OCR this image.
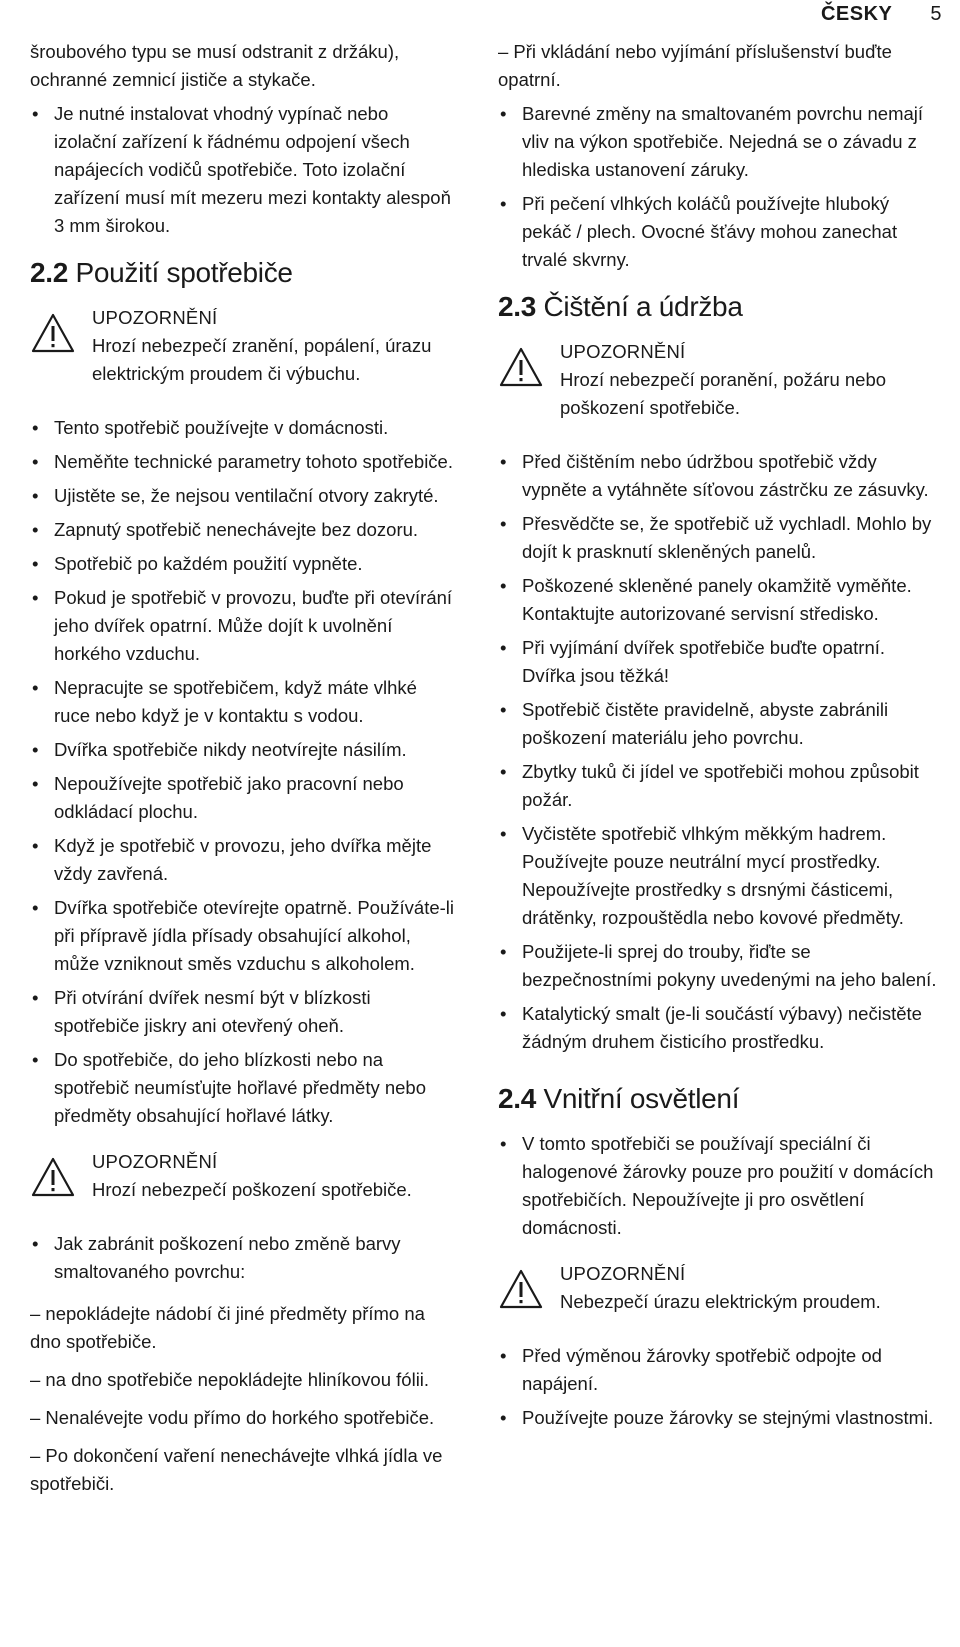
ČESKY 5

šroubového typu se musí odstranit z držáku), ochranné zemnicí jističe a stykače.

• Je nutné instalovat vhodný vypínač nebo izolační zařízení k řádnému odpojení všech napájecích vodičů spotřebiče. Toto izolační zařízení musí mít mezeru mezi kontakty alespoň 3 mm širokou.
2.2 Použití spotřebiče
UPOZORNĚNÍ
Hrozí nebezpečí zranění, popálení, úrazu elektrickým proudem či výbuchu.
• Tento spotřebič používejte v domácnosti.
• Neměňte technické parametry tohoto spotřebiče.
• Ujistěte se, že nejsou ventilační otvory zakryté.
• Zapnutý spotřebič nenechávejte bez dozoru.
• Spotřebič po každém použití vypněte.
• Pokud je spotřebič v provozu, buďte při otevírání jeho dvířek opatrní. Může dojít k uvolnění horkého vzduchu.
• Nepracujte se spotřebičem, když máte vlhké ruce nebo když je v kontaktu s vodou.
• Dvířka spotřebiče nikdy neotvírejte násilím.
• Nepoužívejte spotřebič jako pracovní nebo odkládací plochu.
• Když je spotřebič v provozu, jeho dvířka mějte vždy zavřená.
• Dvířka spotřebiče otevírejte opatrně. Používáte-li při přípravě jídla přísady obsahující alkohol, může vzniknout směs vzduchu s alkoholem.
• Při otvírání dvířek nesmí být v blízkosti spotřebiče jiskry ani otevřený oheň.
• Do spotřebiče, do jeho blízkosti nebo na spotřebič neumísťujte hořlavé předměty nebo předměty obsahující hořlavé látky.
UPOZORNĚNÍ
Hrozí nebezpečí poškození spotřebiče.
• Jak zabránit poškození nebo změně barvy smaltovaného povrchu:

– nepokládejte nádobí či jiné předměty přímo na dno spotřebiče.

– na dno spotřebiče nepokládejte hliníkovou fólii.

– Nenalévejte vodu přímo do horkého spotřebiče.

– Po dokončení vaření nenechávejte vlhká jídla ve spotřebiči.

– Při vkládání nebo vyjímání příslušenství buďte opatrní.

• Barevné změny na smaltovaném povrchu nemají vliv na výkon spotřebiče. Nejedná se o závadu z hlediska ustanovení záruky.
• Při pečení vlhkých koláčů používejte hluboký pekáč / plech. Ovocné šťávy mohou zanechat trvalé skvrny.
2.3 Čištění a údržba
UPOZORNĚNÍ
Hrozí nebezpečí poranění, požáru nebo poškození spotřebiče.
• Před čištěním nebo údržbou spotřebič vždy vypněte a vytáhněte síťovou zástrčku ze zásuvky.
• Přesvědčte se, že spotřebič už vychladl. Mohlo by dojít k prasknutí skleněných panelů.
• Poškozené skleněné panely okamžitě vyměňte. Kontaktujte autorizované servisní středisko.
• Při vyjímání dvířek spotřebiče buďte opatrní. Dvířka jsou těžká!
• Spotřebič čistěte pravidelně, abyste zabránili poškození materiálu jeho povrchu.
• Zbytky tuků či jídel ve spotřebiči mohou způsobit požár.
• Vyčistěte spotřebič vlhkým měkkým hadrem. Používejte pouze neutrální mycí prostředky. Nepoužívejte prostředky s drsnými částicemi, drátěnky, rozpouštědla nebo kovové předměty.
• Použijete-li sprej do trouby, řiďte se bezpečnostními pokyny uvedenými na jeho balení.
• Katalytický smalt (je-li součástí výbavy) nečistěte žádným druhem čisticího prostředku.
2.4 Vnitřní osvětlení
• V tomto spotřebiči se používají speciální či halogenové žárovky pouze pro použití v domácích spotřebičích. Nepoužívejte ji pro osvětlení domácnosti.
UPOZORNĚNÍ
Nebezpečí úrazu elektrickým proudem.
• Před výměnou žárovky spotřebič odpojte od napájení.
• Používejte pouze žárovky se stejnými vlastnostmi.
